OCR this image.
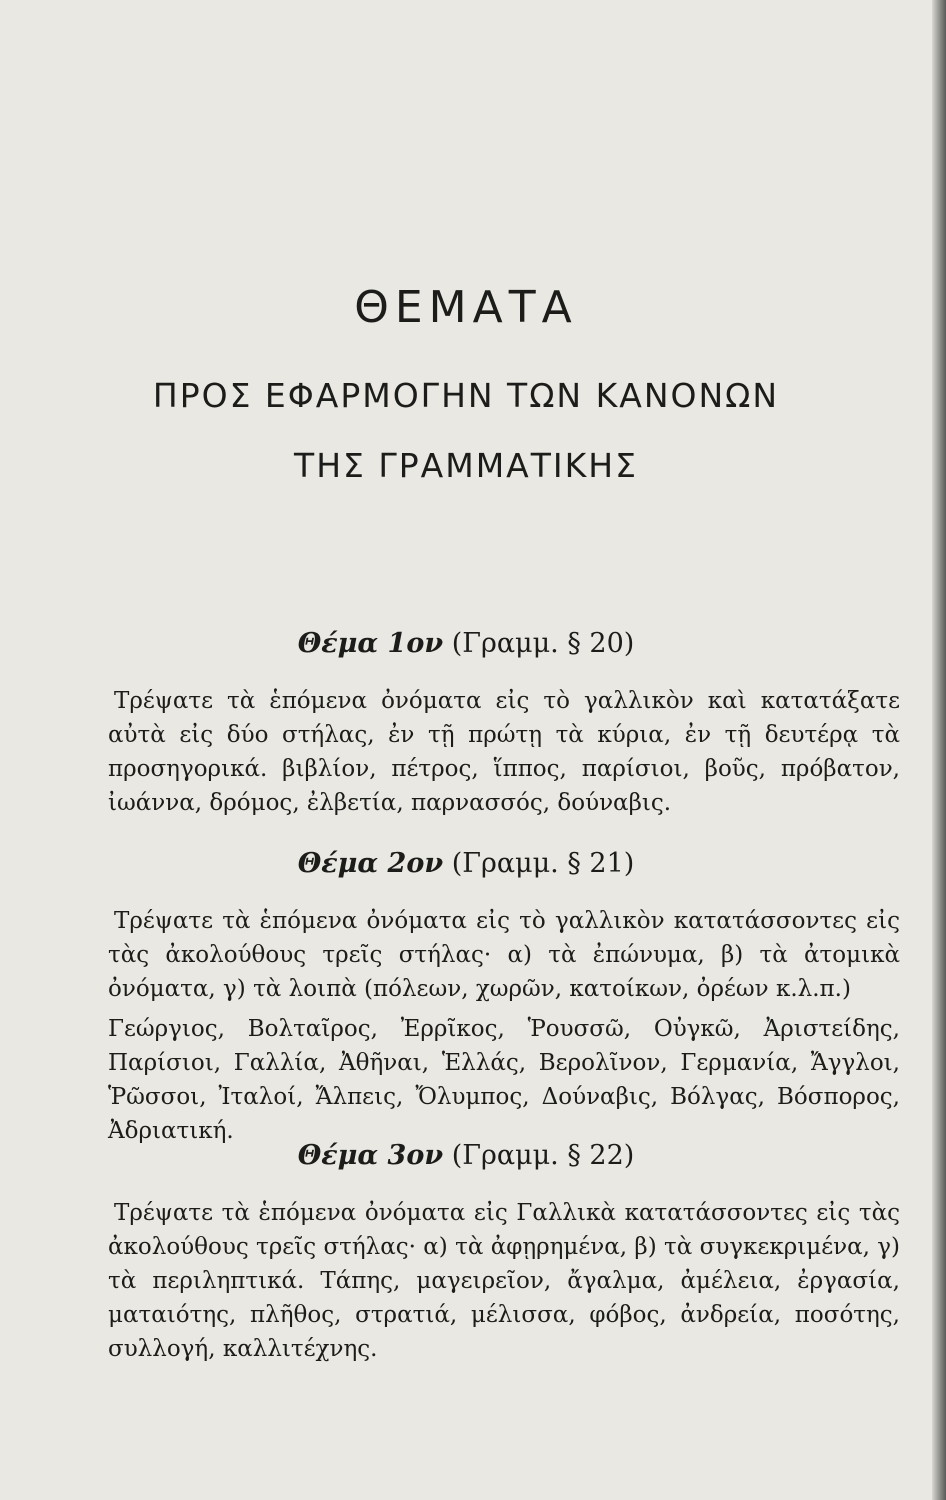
ΘΕΜΑΤΑ
ΠΡΟΣ ΕΦΑΡΜΟΓΗΝ ΤΩΝ ΚΑΝΟΝΩΝ
ΤΗΣ ΓΡΑΜΜΑΤΙΚΗΣ
Θέμα 1ον (Γραμμ. § 20)

Τρέψατε τὰ ἑπόμενα ὀνόματα εἰς τὸ γαλλικὸν καὶ κατατάξατε αὐτὰ εἰς δύο στήλας, ἐν τῇ πρώτῃ τὰ κύρια, ἐν τῇ δευτέρᾳ τὰ προσηγορικά. βιβλίον, πέτρος, ἵππος, παρίσιοι, βοῦς, πρόβατον, ἰωάννα, δρόμος, ἐλβετία, παρνασσός, δούναβις.

Θέμα 2ον (Γραμμ. § 21)

Τρέψατε τὰ ἑπόμενα ὀνόματα εἰς τὸ γαλλικὸν κατατάσσοντες εἰς τὰς ἀκολούθους τρεῖς στήλας· α) τὰ ἐπώνυμα, β) τὰ ἀτομικὰ ὀνόματα, γ) τὰ λοιπὰ (πόλεων, χωρῶν, κατοίκων, ὀρέων κ.λ.π.)

Γεώργιος, Βολταῖρος, Ἐρρῖκος, Ῥουσσῶ, Οὐγκῶ, Ἀριστείδης, Παρίσιοι, Γαλλία, Ἀθῆναι, Ἑλλάς, Βερολῖνον, Γερμανία, Ἄγγλοι, Ῥῶσσοι, Ἰταλοί, Ἄλπεις, Ὄλυμπος, Δούναβις, Βόλγας, Βόσπορος, Ἀδριατική.

Θέμα 3ον (Γραμμ. § 22)

Τρέψατε τὰ ἑπόμενα ὀνόματα εἰς Γαλλικὰ κατατάσσοντες εἰς τὰς ἀκολούθους τρεῖς στήλας· α) τὰ ἀφῃρημένα, β) τὰ συγκεκριμένα, γ) τὰ περιληπτικά. Τάπης, μαγειρεῖον, ἄγαλμα, ἀμέλεια, ἐργασία, ματαιότης, πλῆθος, στρατιά, μέλισσα, φόβος, ἀνδρεία, ποσότης, συλλογή, καλλιτέχνης.
